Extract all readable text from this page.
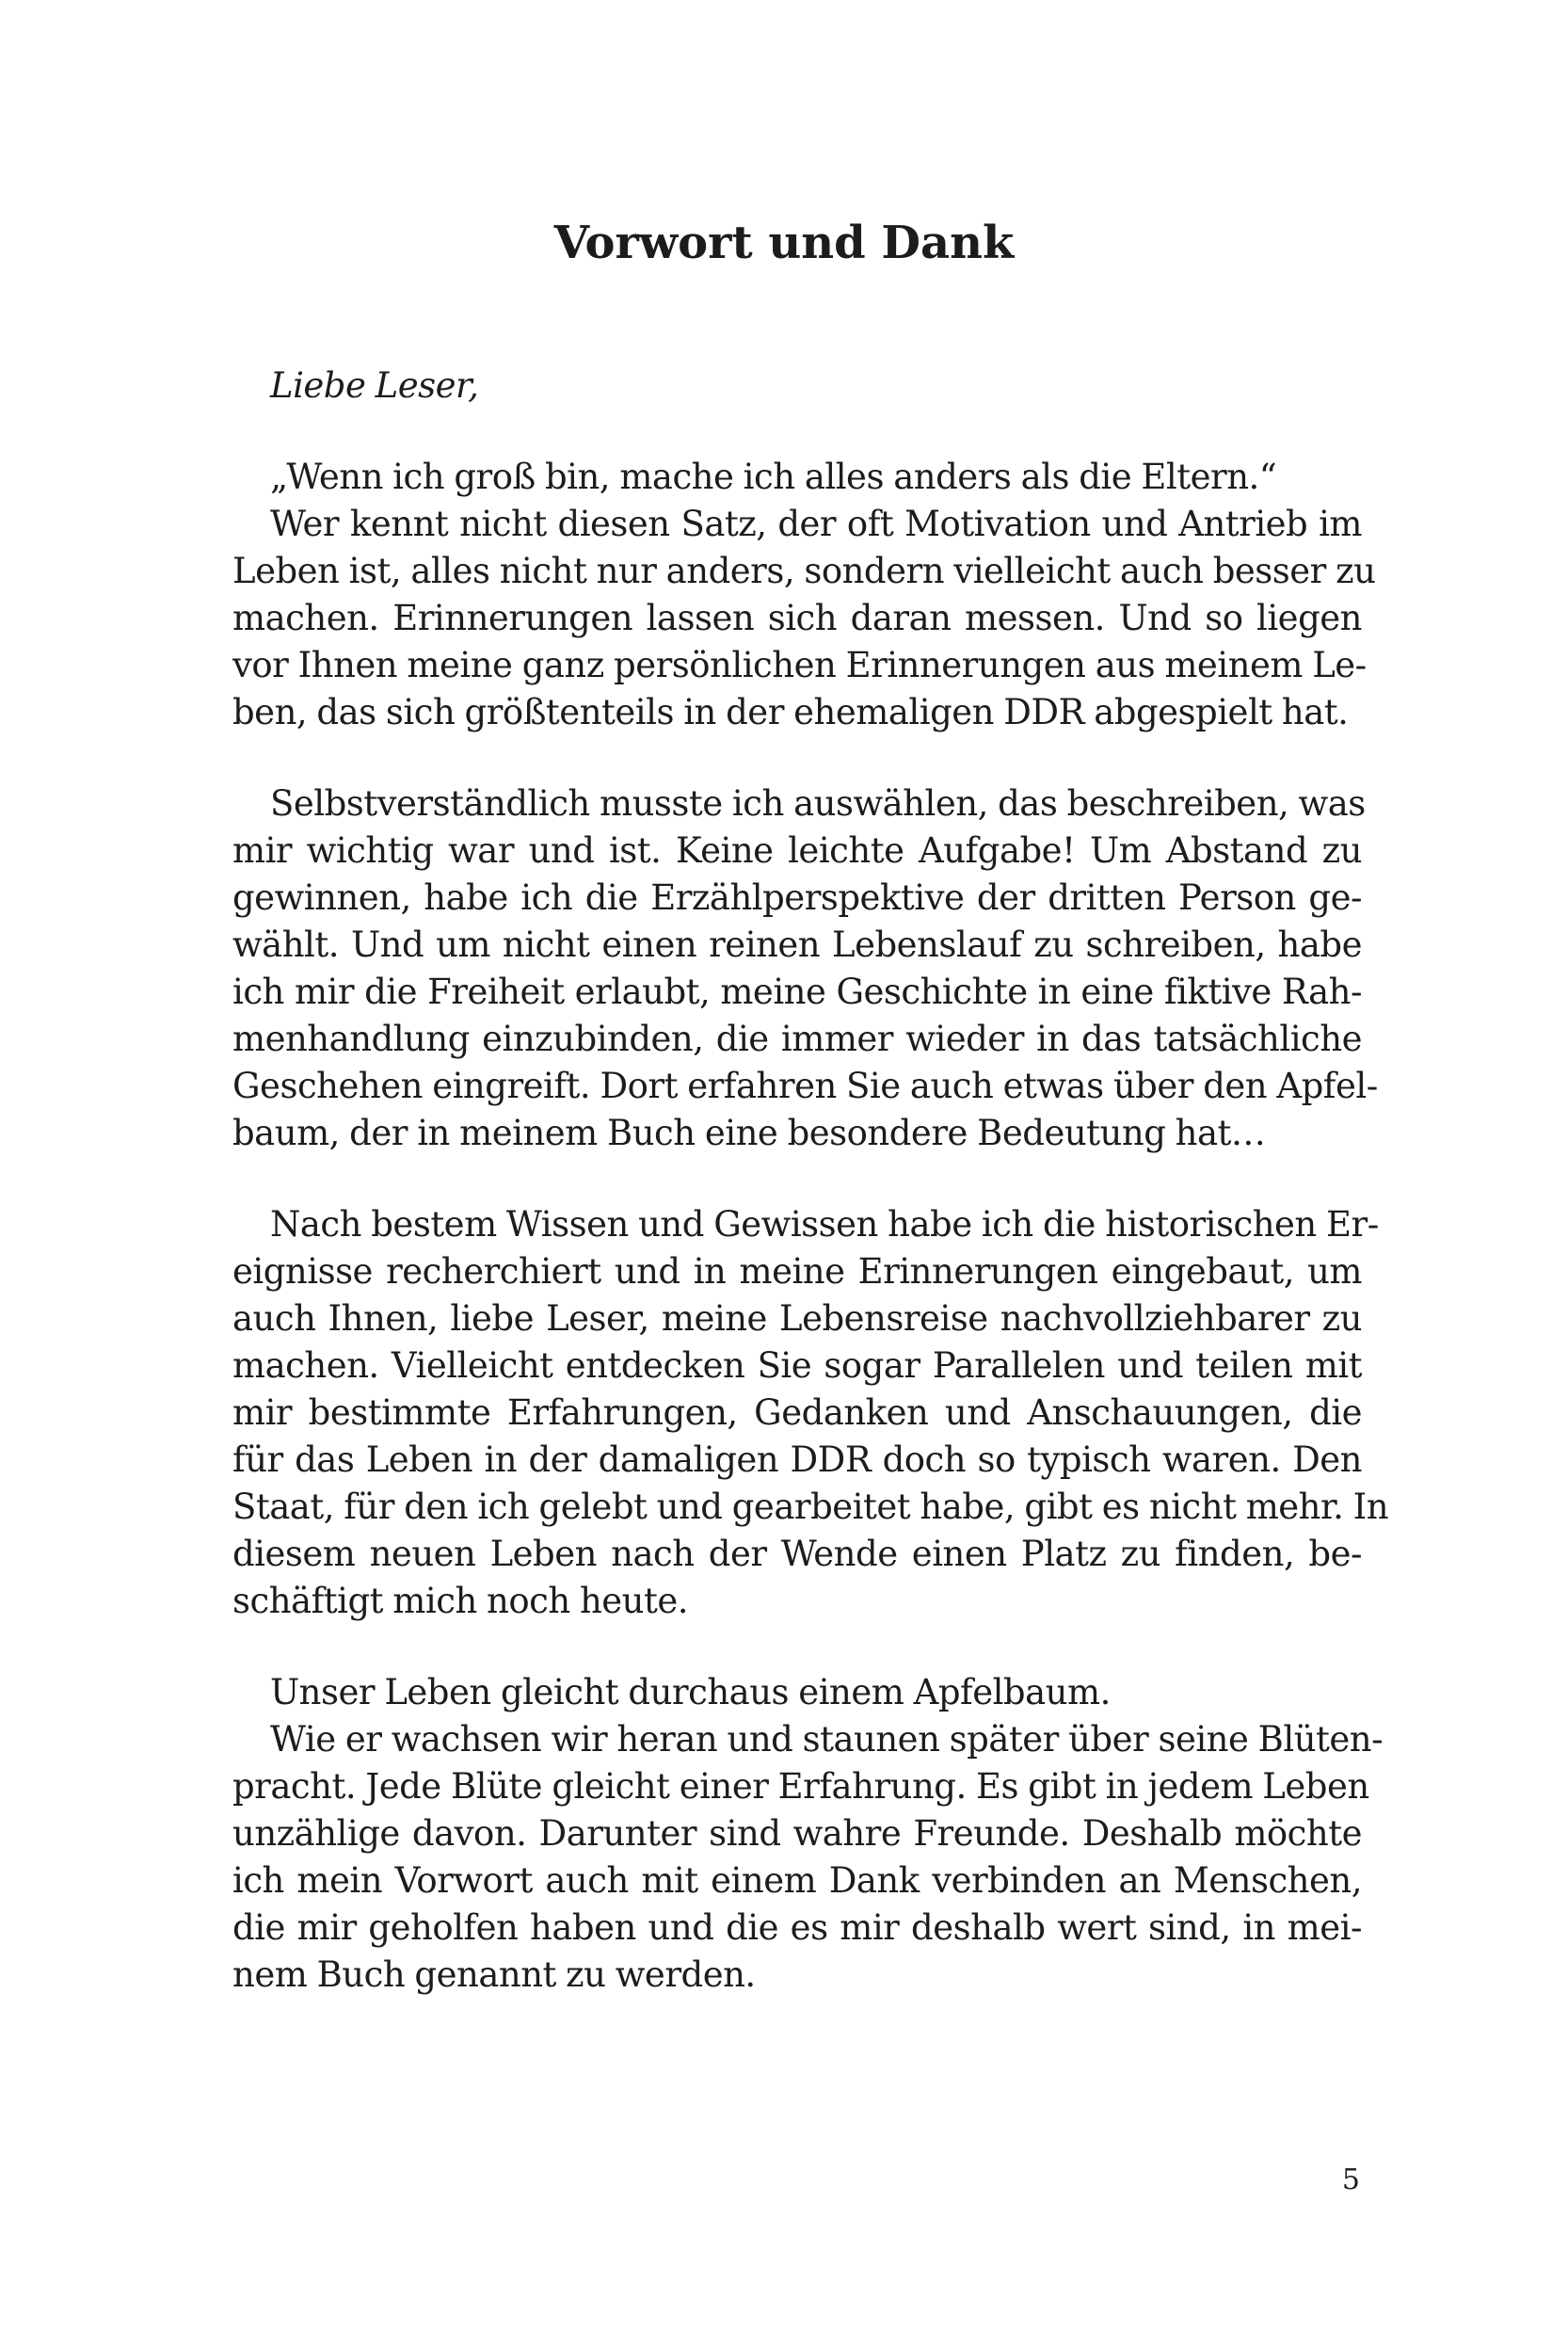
Vorwort und Dank
Liebe Leser,
„Wenn ich groß bin, mache ich alles anders als die Eltern.“
Wer kennt nicht diesen Satz, der oft Motivation und Antrieb im
Leben ist, alles nicht nur anders, sondern vielleicht auch besser zu
machen. Erinnerungen lassen sich daran messen. Und so liegen
vor Ihnen meine ganz persönlichen Erinnerungen aus meinem Le-
ben, das sich größtenteils in der ehemaligen DDR abgespielt hat.
Selbstverständlich musste ich auswählen, das beschreiben, was
mir wichtig war und ist. Keine leichte Aufgabe! Um Abstand zu
gewinnen, habe ich die Erzählperspektive der dritten Person ge-
wählt. Und um nicht einen reinen Lebenslauf zu schreiben, habe
ich mir die Freiheit erlaubt, meine Geschichte in eine fiktive Rah-
menhandlung einzubinden, die immer wieder in das tatsächliche
Geschehen eingreift. Dort erfahren Sie auch etwas über den Apfel-
baum, der in meinem Buch eine besondere Bedeutung hat…
Nach bestem Wissen und Gewissen habe ich die historischen Er-
eignisse recherchiert und in meine Erinnerungen eingebaut, um
auch Ihnen, liebe Leser, meine Lebensreise nachvollziehbarer zu
machen. Vielleicht entdecken Sie sogar Parallelen und teilen mit
mir bestimmte Erfahrungen, Gedanken und Anschauungen, die
für das Leben in der damaligen DDR doch so typisch waren. Den
Staat, für den ich gelebt und gearbeitet habe, gibt es nicht mehr. In
diesem neuen Leben nach der Wende einen Platz zu finden, be-
schäftigt mich noch heute.
Unser Leben gleicht durchaus einem Apfelbaum.
Wie er wachsen wir heran und staunen später über seine Blüten-
pracht. Jede Blüte gleicht einer Erfahrung. Es gibt in jedem Leben
unzählige davon. Darunter sind wahre Freunde. Deshalb möchte
ich mein Vorwort auch mit einem Dank verbinden an Menschen,
die mir geholfen haben und die es mir deshalb wert sind, in mei-
nem Buch genannt zu werden.
5
